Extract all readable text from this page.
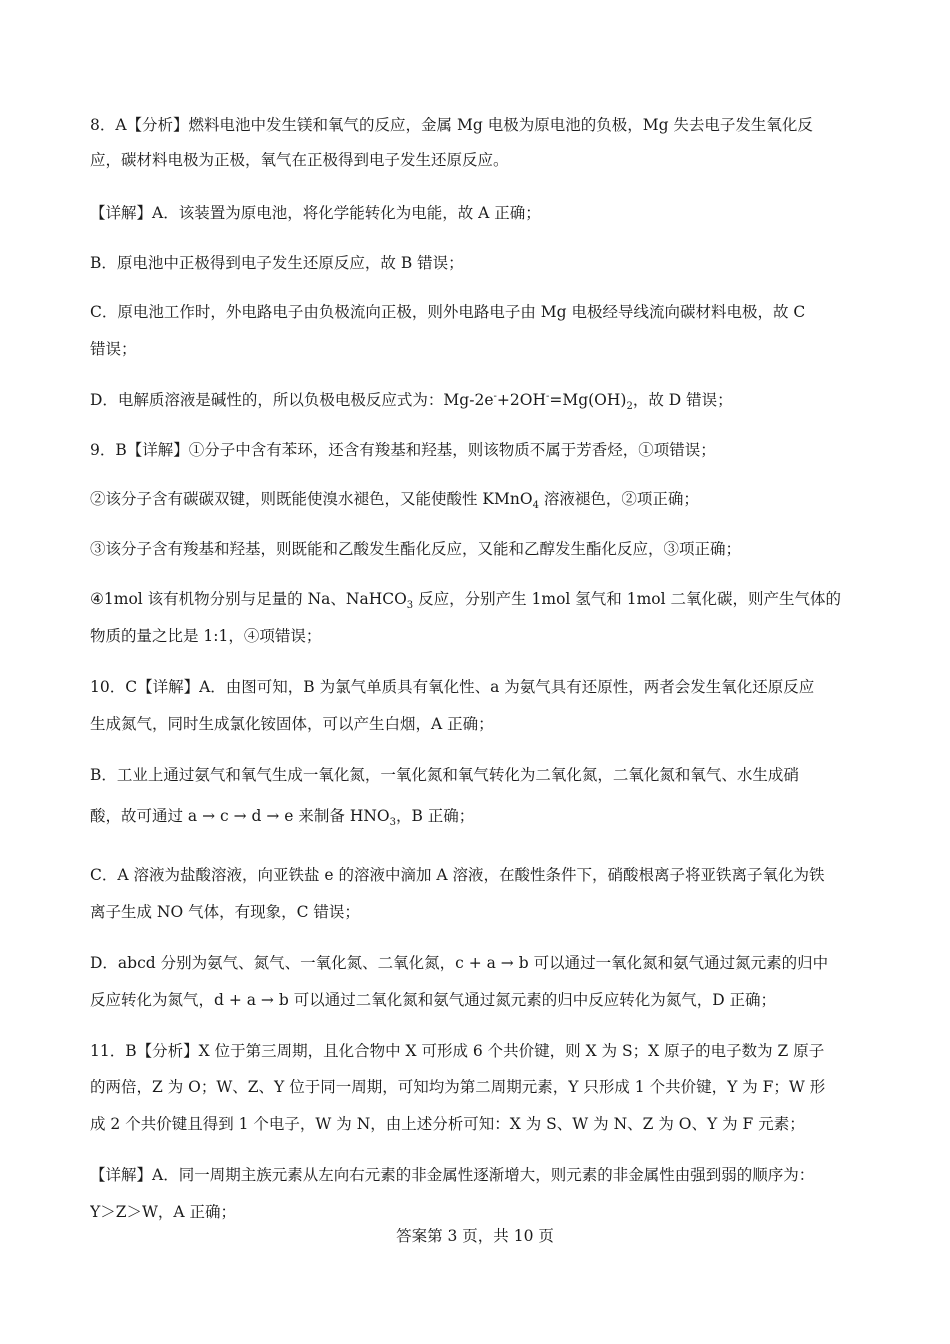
8．A【分析】燃料电池中发生镁和氧气的反应，金属 Mg 电极为原电池的负极，Mg 失去电子发生氧化反
应，碳材料电极为正极，氧气在正极得到电子发生还原反应。
【详解】A．该装置为原电池，将化学能转化为电能，故 A 正确；
B．原电池中正极得到电子发生还原反应，故 B 错误；
C．原电池工作时，外电路电子由负极流向正极，则外电路电子由 Mg 电极经导线流向碳材料电极，故 C
错误；
D．电解质溶液是碱性的，所以负极电极反应式为：$Mg-2e^-+2OH^-=Mg(OH)_2$，故 D 错误；
9．B【详解】①分子中含有苯环，还含有羧基和羟基，则该物质不属于芳香烃，①项错误；
②该分子含有碳碳双键，则既能使溴水褪色，又能使酸性 KMnO$_4$ 溶液褪色，②项正确；
③该分子含有羧基和羟基，则既能和乙酸发生酯化反应，又能和乙醇发生酯化反应，③项正确；
④1mol 该有机物分别与足量的 Na、NaHCO$_3$ 反应，分别产生 1mol 氢气和 1mol 二氧化碳，则产生气体的
物质的量之比是 1:1，④项错误；
10．C【详解】A．由图可知，B 为氯气单质具有氧化性、a 为氨气具有还原性，两者会发生氧化还原反应
生成氮气，同时生成氯化铵固体，可以产生白烟，A 正确；
B．工业上通过氨气和氧气生成一氧化氮，一氧化氮和氧气转化为二氧化氮，二氧化氮和氧气、水生成硝
酸，故可通过 a → c → d → e 来制备 $HNO_3$，B 正确；
C．A 溶液为盐酸溶液，向亚铁盐 e 的溶液中滴加 A 溶液，在酸性条件下，硝酸根离子将亚铁离子氧化为铁
离子生成 NO 气体，有现象，C 错误；
D．abcd 分别为氨气、氮气、一氧化氮、二氧化氮，c + a → b 可以通过一氧化氮和氨气通过氮元素的归中
反应转化为氮气，d + a → b 可以通过二氧化氮和氨气通过氮元素的归中反应转化为氮气，D 正确；
11．B【分析】X 位于第三周期，且化合物中 X 可形成 6 个共价键，则 X 为 S；X 原子的电子数为 Z 原子
的两倍，Z 为 O；W、Z、Y 位于同一周期，可知均为第二周期元素，Y 只形成 1 个共价键，Y 为 F；W 形
成 2 个共价键且得到 1 个电子，W 为 N，由上述分析可知：X 为 S、W 为 N、Z 为 O、Y 为 F 元素；
【详解】A．同一周期主族元素从左向右元素的非金属性逐渐增大，则元素的非金属性由强到弱的顺序为：
Y＞Z＞W，A 正确；
答案第 3 页，共 10 页
